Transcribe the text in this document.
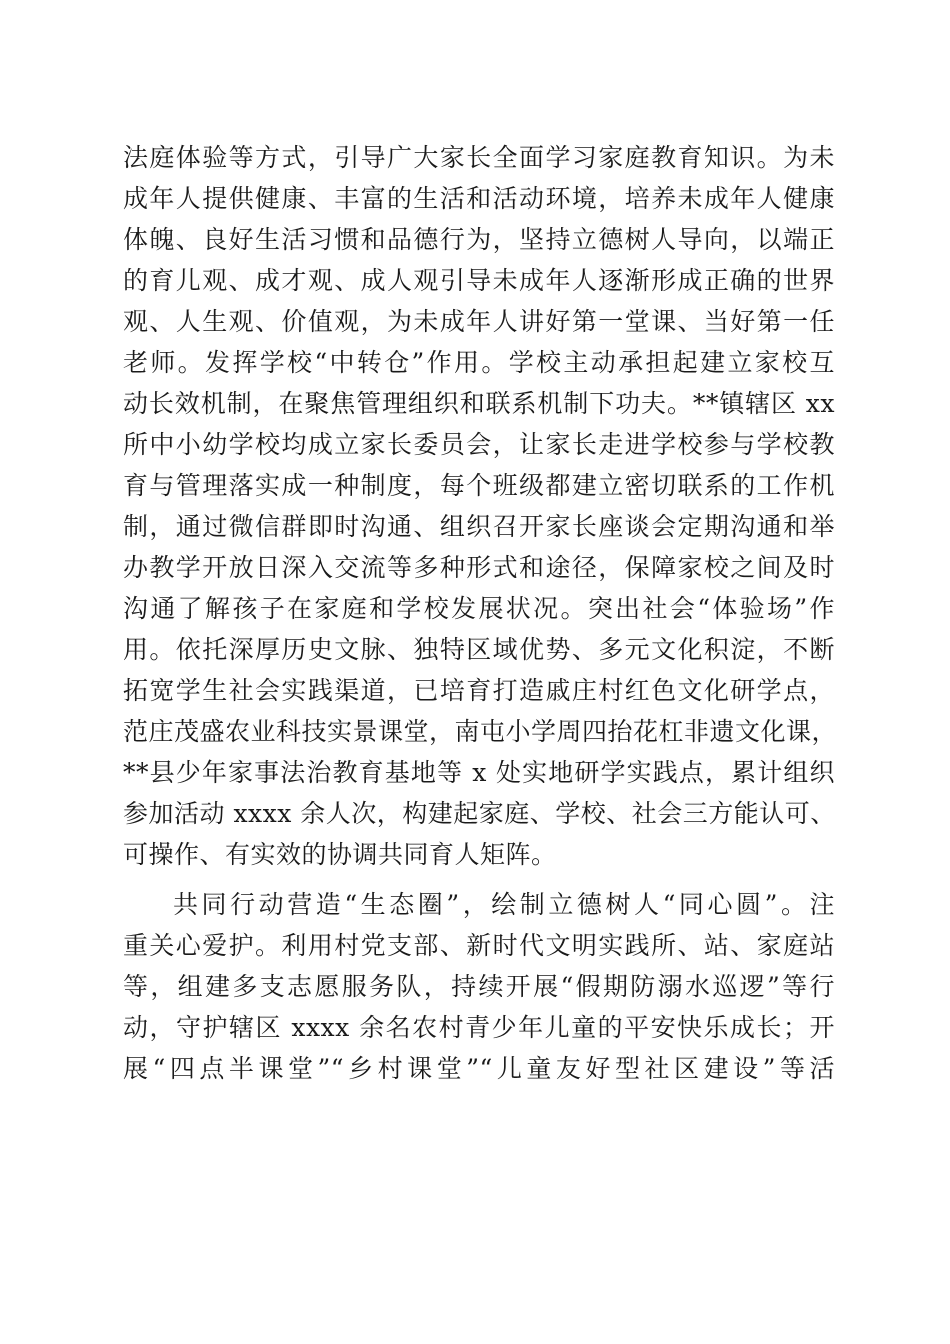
法庭体验等方式，引导广大家长全面学习家庭教育知识。为未
成年人提供健康、丰富的生活和活动环境，培养未成年人健康
体魄、良好生活习惯和品德行为，坚持立德树人导向，以端正
的育儿观、成才观、成人观引导未成年人逐渐形成正确的世界
观、人生观、价值观，为未成年人讲好第一堂课、当好第一任
老师。发挥学校“中转仓”作用。学校主动承担起建立家校互
动长效机制，在聚焦管理组织和联系机制下功夫。**镇辖区 xx
所中小幼学校均成立家长委员会，让家长走进学校参与学校教
育与管理落实成一种制度，每个班级都建立密切联系的工作机
制，通过微信群即时沟通、组织召开家长座谈会定期沟通和举
办教学开放日深入交流等多种形式和途径，保障家校之间及时
沟通了解孩子在家庭和学校发展状况。突出社会“体验场”作
用。依托深厚历史文脉、独特区域优势、多元文化积淀，不断
拓宽学生社会实践渠道，已培育打造戚庄村红色文化研学点，
范庄茂盛农业科技实景课堂，南屯小学周四抬花杠非遗文化课，
**县少年家事法治教育基地等 x 处实地研学实践点，累计组织
参加活动 xxxx 余人次，构建起家庭、学校、社会三方能认可、
可操作、有实效的协调共同育人矩阵。
共同行动营造“生态圈”，绘制立德树人“同心圆”。注
重关心爱护。利用村党支部、新时代文明实践所、站、家庭站
等，组建多支志愿服务队，持续开展“假期防溺水巡逻”等行
动，守护辖区 xxxx 余名农村青少年儿童的平安快乐成长；开
展“四点半课堂”“乡村课堂”“儿童友好型社区建设”等活
